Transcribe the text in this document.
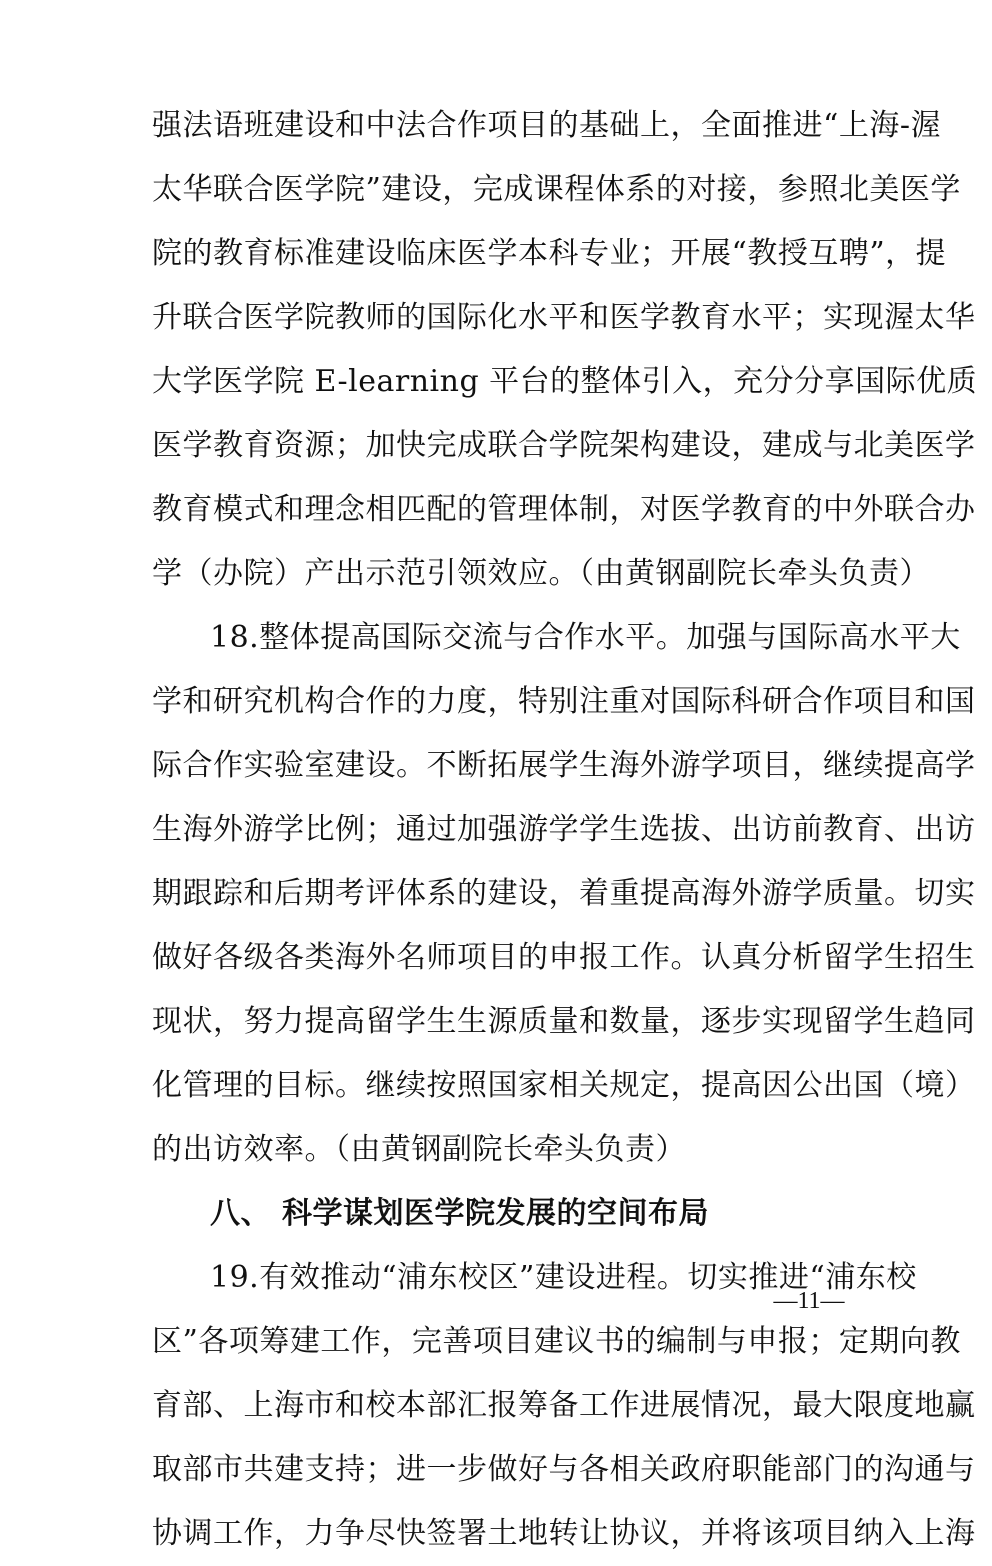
强法语班建设和中法合作项目的基础上，全面推进“上海-渥
太华联合医学院”建设，完成课程体系的对接，参照北美医学
院的教育标准建设临床医学本科专业；开展“教授互聘”，提
升联合医学院教师的国际化水平和医学教育水平；实现渥太华
大学医学院 E-learning 平台的整体引入，充分分享国际优质
医学教育资源；加快完成联合学院架构建设，建成与北美医学
教育模式和理念相匹配的管理体制，对医学教育的中外联合办
学（办院）产出示范引领效应。（由黄钢副院长牵头负责）
18.整体提高国际交流与合作水平。加强与国际高水平大
学和研究机构合作的力度，特别注重对国际科研合作项目和国
际合作实验室建设。不断拓展学生海外游学项目，继续提高学
生海外游学比例；通过加强游学学生选拔、出访前教育、出访
期跟踪和后期考评体系的建设，着重提高海外游学质量。切实
做好各级各类海外名师项目的申报工作。认真分析留学生招生
现状，努力提高留学生生源质量和数量，逐步实现留学生趋同
化管理的目标。继续按照国家相关规定，提高因公出国（境）
的出访效率。（由黄钢副院长牵头负责）
八、 科学谋划医学院发展的空间布局
19.有效推动“浦东校区”建设进程。切实推进“浦东校
区”各项筹建工作，完善项目建议书的编制与申报；定期向教
育部、上海市和校本部汇报筹备工作进展情况，最大限度地赢
取部市共建支持；进一步做好与各相关政府职能部门的沟通与
协调工作，力争尽快签署土地转让协议，并将该项目纳入上海
—11—
